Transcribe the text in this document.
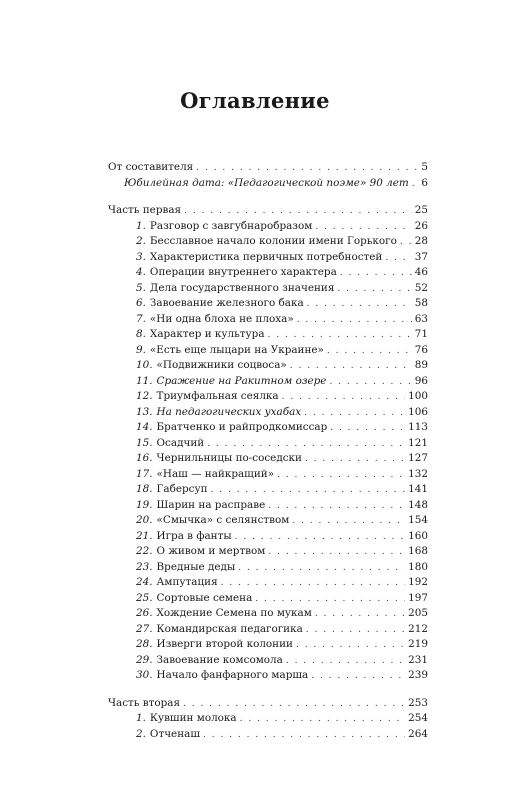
Оглавление
От составителя . . .	5
Юбилейная дата: «Педагогической поэме» 90 лет . . . 6
Часть первая . . .	25
1. Разговор с завгубнаробразом . . .	26
2. Бесславное начало колонии имени Горького . . . 28
3. Характеристика первичных потребностей . . .	37
4. Операции внутреннего характера . . .	46
5. Дела государственного значения . . .	52
6. Завоевание железного бака . . .	58
7. «Ни одна блоха не плоха» . . .	63
8. Характер и культура . . .	71
9. «Есть еще лыцари на Украине» . . .	76
10. «Подвижники соцвоса» . . .	89
11. Сражение на Ракитном озере . . .	96
12. Триумфальная сеялка . . .	100
13. На педагогических ухабах . . .	106
14. Братченко и райпродкомиссар . . .	113
15. Осадчий . . .	121
16. Чернильницы по-соседски . . .	127
17. «Наш — найкращий» . . .	132
18. Габерсуп . . .	141
19. Шарин на расправе . . .	148
20. «Смычка» с селянством . . .	154
21. Игра в фанты . . .	160
22. О живом и мертвом . . .	168
23. Вредные деды . . .	180
24. Ампутация . . .	192
25. Сортовые семена . . .	197
26. Хождение Семена по мукам . . .	205
27. Командирская педагогика . . .	212
28. Изверги второй колонии . . .	219
29. Завоевание комсомола . . .	231
30. Начало фанфарного марша . . .	239
Часть вторая . . .	253
1. Кувшин молока . . .	254
2. Отченаш . . .	264
